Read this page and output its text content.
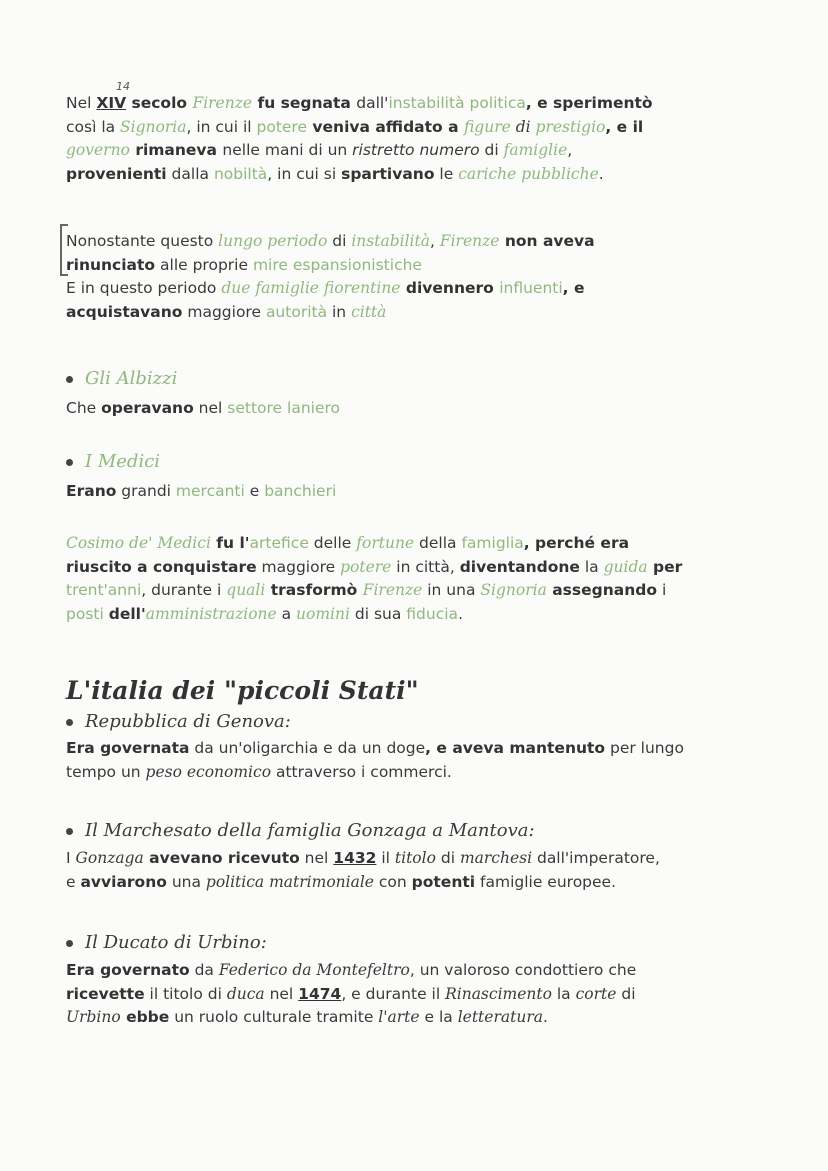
14
Nel XIV secolo Firenze fu segnata dall'instabilità politica, e sperimentò
così la Signoria, in cui il potere veniva affidato a figure di prestigio, e il
governo rimaneva nelle mani di un ristretto numero di famiglie,
provenienti dalla nobiltà, in cui si spartivano le cariche pubbliche.
Nonostante questo lungo periodo di instabilità, Firenze non aveva
rinunciato alle proprie mire espansionistiche
E in questo periodo due famiglie fiorentine divennero influenti, e
acquistavano maggiore autorità in città
Gli Albizzi
Che operavano nel settore laniero
I Medici
Erano grandi mercanti e banchieri
Cosimo de' Medici fu l'artefice delle fortune della famiglia, perché era
riuscito a conquistare maggiore potere in città, diventandone la guida per
trent'anni, durante i quali trasformò Firenze in una Signoria assegnando i
posti dell'amministrazione a uomini di sua fiducia.
L'italia dei "piccoli Stati"
Repubblica di Genova:
Era governata da un'oligarchia e da un doge, e aveva mantenuto per lungo
tempo un peso economico attraverso i commerci.
Il Marchesato della famiglia Gonzaga a Mantova:
I Gonzaga avevano ricevuto nel 1432 il titolo di marchesi dall'imperatore,
e avviarono una politica matrimoniale con potenti famiglie europee.
Il Ducato di Urbino:
Era governato da Federico da Montefeltro, un valoroso condottiero che
ricevette il titolo di duca nel 1474, e durante il Rinascimento la corte di
Urbino ebbe un ruolo culturale tramite l'arte e la letteratura.
